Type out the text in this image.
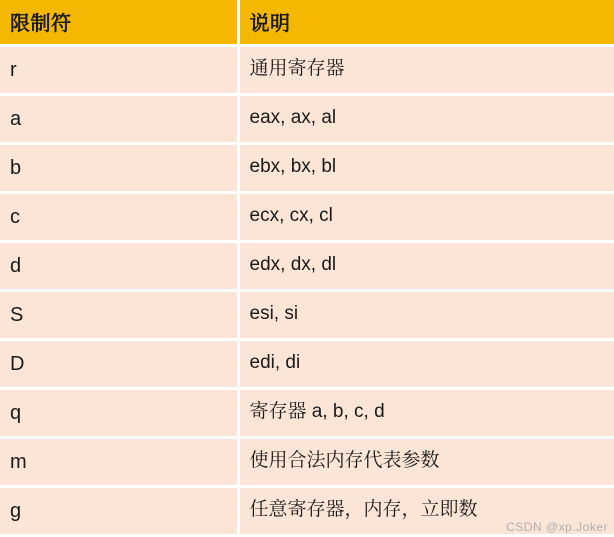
限制符	说明
r	通用寄存器
a	eax, ax, al
b	ebx, bx, bl
c	ecx, cx, cl
d	edx, dx, dl
S	esi, si
D	edi, di
q	寄存器 a, b, c, d
m	使用合法内存代表参数
g	任意寄存器，内存，立即数
CSDN @xp.Joker
